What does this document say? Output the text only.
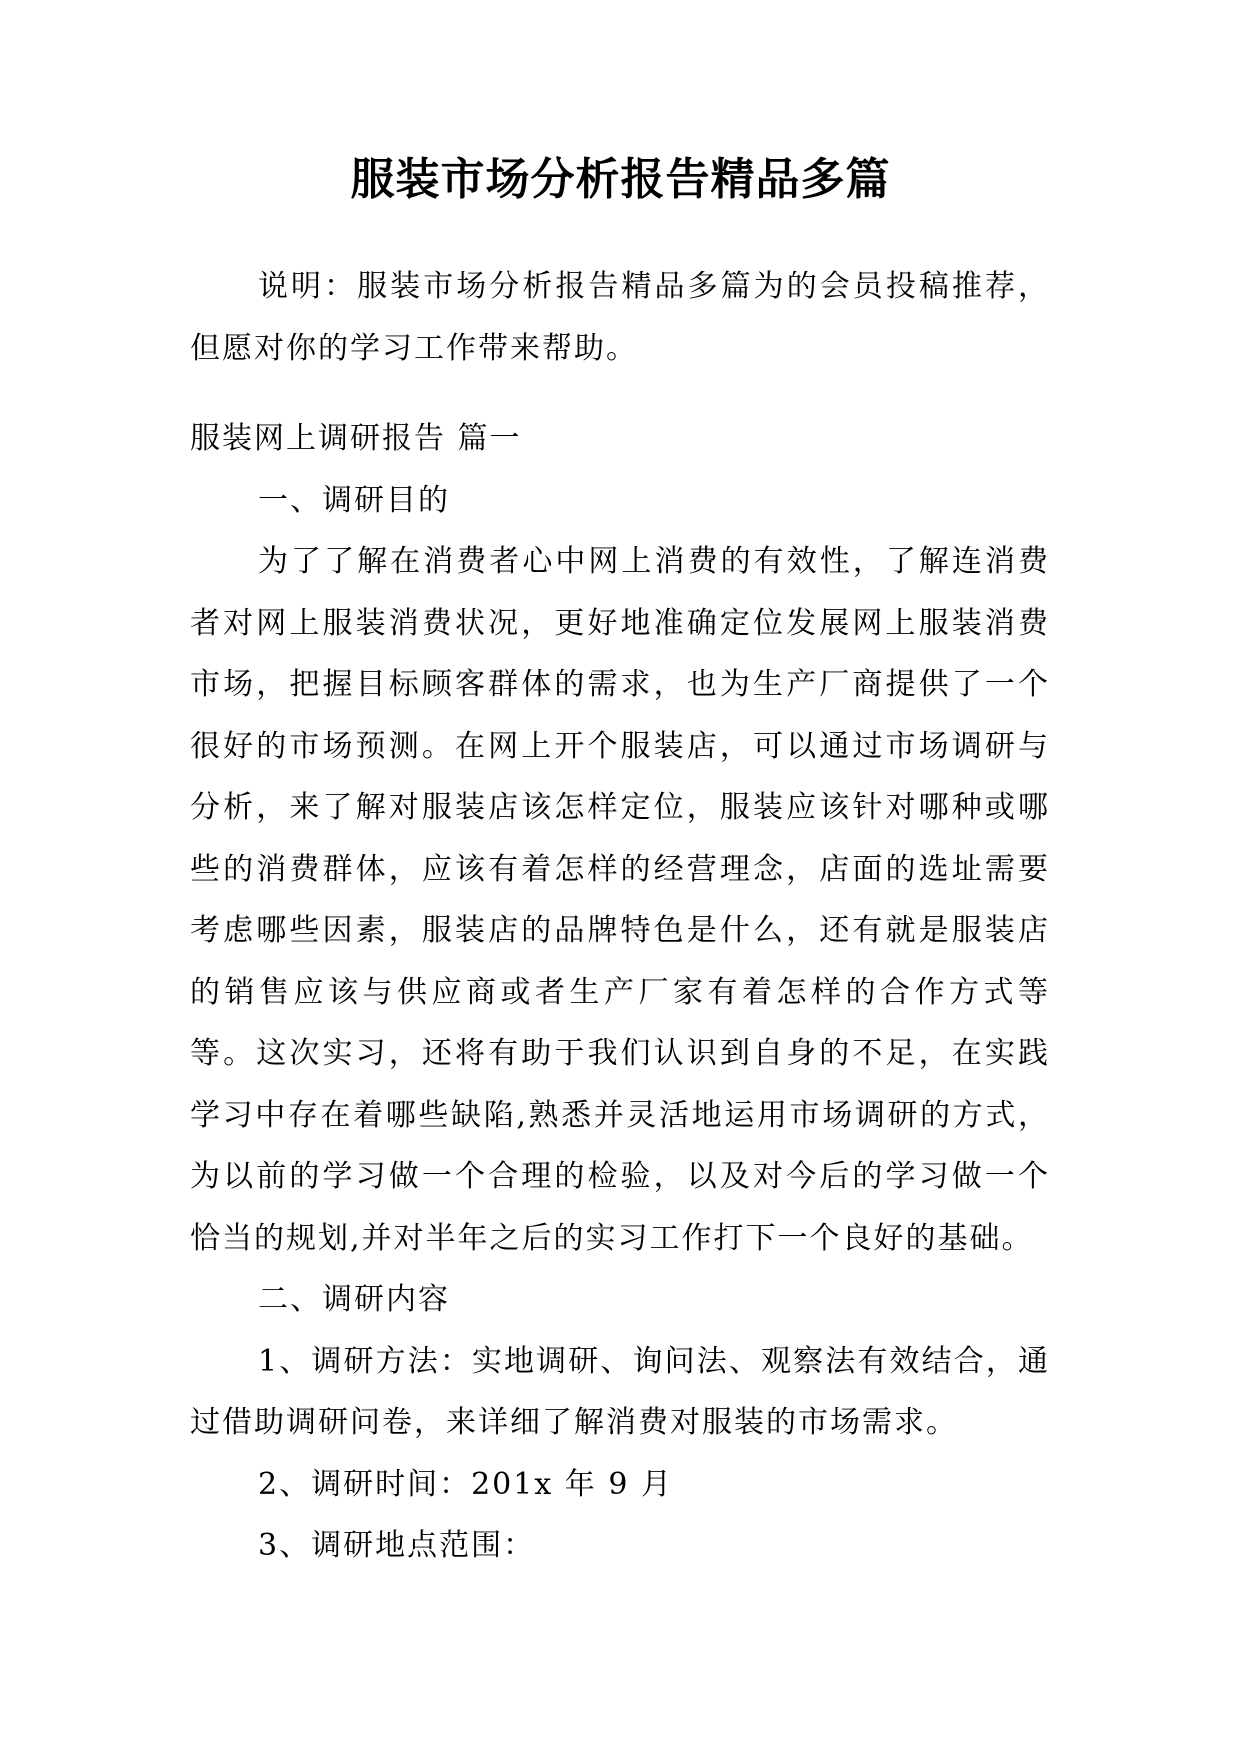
服装市场分析报告精品多篇

说明：服装市场分析报告精品多篇为的会员投稿推荐，但愿对你的学习工作带来帮助。

服装网上调研报告 篇一

一、调研目的

为了了解在消费者心中网上消费的有效性，了解连消费者对网上服装消费状况，更好地准确定位发展网上服装消费市场，把握目标顾客群体的需求，也为生产厂商提供了一个很好的市场预测。在网上开个服装店，可以通过市场调研与分析，来了解对服装店该怎样定位，服装应该针对哪种或哪些的消费群体，应该有着怎样的经营理念，店面的选址需要考虑哪些因素，服装店的品牌特色是什么，还有就是服装店的销售应该与供应商或者生产厂家有着怎样的合作方式等等。这次实习，还将有助于我们认识到自身的不足，在实践学习中存在着哪些缺陷,熟悉并灵活地运用市场调研的方式，为以前的学习做一个合理的检验，以及对今后的学习做一个恰当的规划,并对半年之后的实习工作打下一个良好的基础。

二、调研内容

1、调研方法：实地调研、询问法、观察法有效结合，通过借助调研问卷，来详细了解消费对服装的市场需求。

2、调研时间：201x 年 9 月

3、调研地点范围：
